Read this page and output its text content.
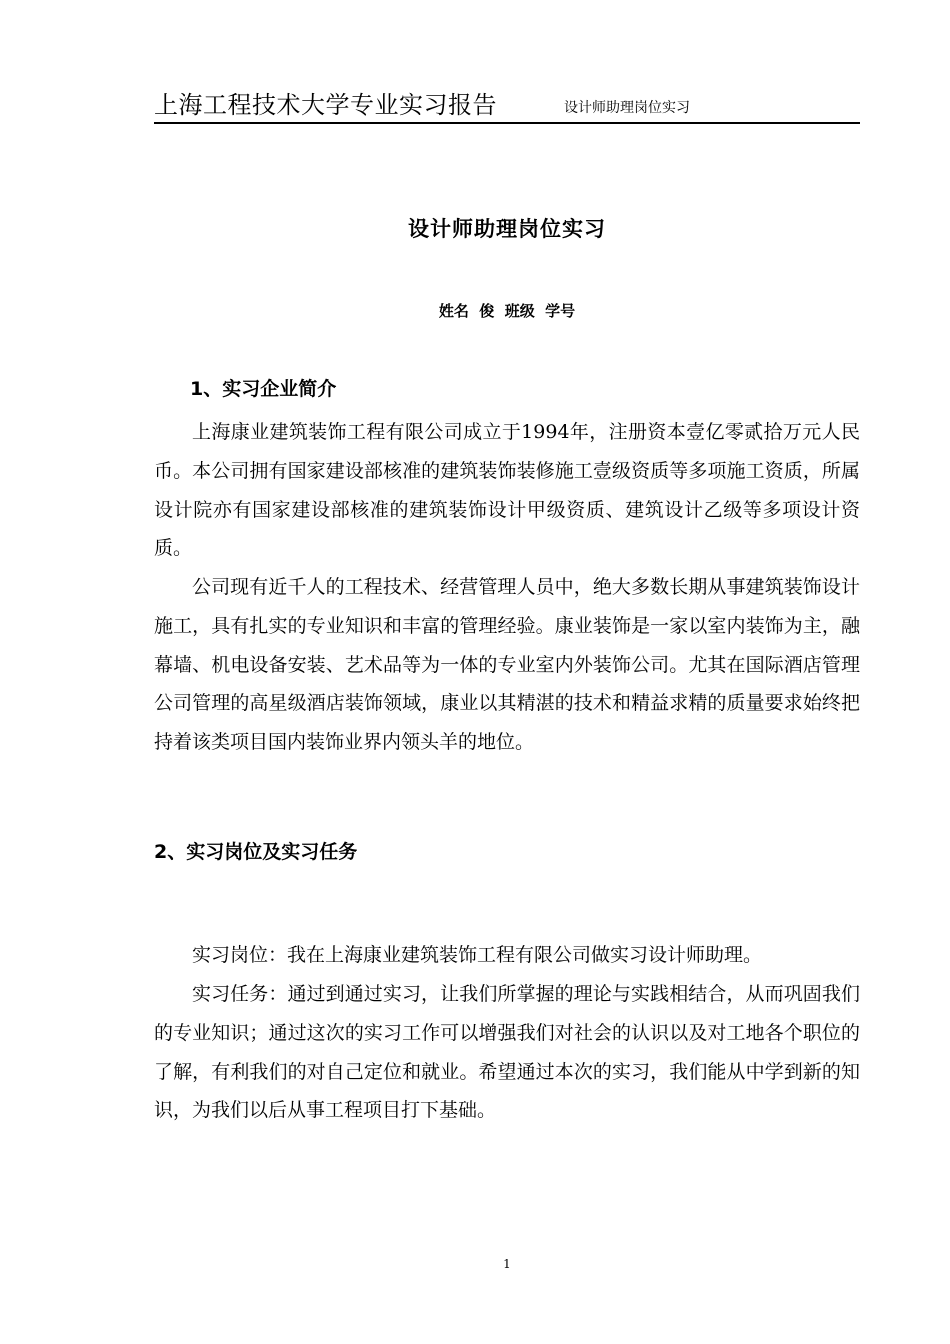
上海工程技术大学专业实习报告	设计师助理岗位实习
设计师助理岗位实习
姓名  俊  班级  学号
1、实习企业简介

上海康业建筑装饰工程有限公司成立于1994年，注册资本壹亿零贰拾万元人民币。本公司拥有国家建设部核准的建筑装饰装修施工壹级资质等多项施工资质，所属设计院亦有国家建设部核准的建筑装饰设计甲级资质、建筑设计乙级等多项设计资质。

公司现有近千人的工程技术、经营管理人员中，绝大多数长期从事建筑装饰设计施工，具有扎实的专业知识和丰富的管理经验。康业装饰是一家以室内装饰为主，融幕墙、机电设备安装、艺术品等为一体的专业室内外装饰公司。尤其在国际酒店管理公司管理的高星级酒店装饰领域，康业以其精湛的技术和精益求精的质量要求始终把持着该类项目国内装饰业界内领头羊的地位。

2、实习岗位及实习任务

实习岗位：我在上海康业建筑装饰工程有限公司做实习设计师助理。

实习任务：通过到通过实习，让我们所掌握的理论与实践相结合，从而巩固我们的专业知识；通过这次的实习工作可以增强我们对社会的认识以及对工地各个职位的了解，有利我们的对自己定位和就业。希望通过本次的实习，我们能从中学到新的知识，为我们以后从事工程项目打下基础。

1
